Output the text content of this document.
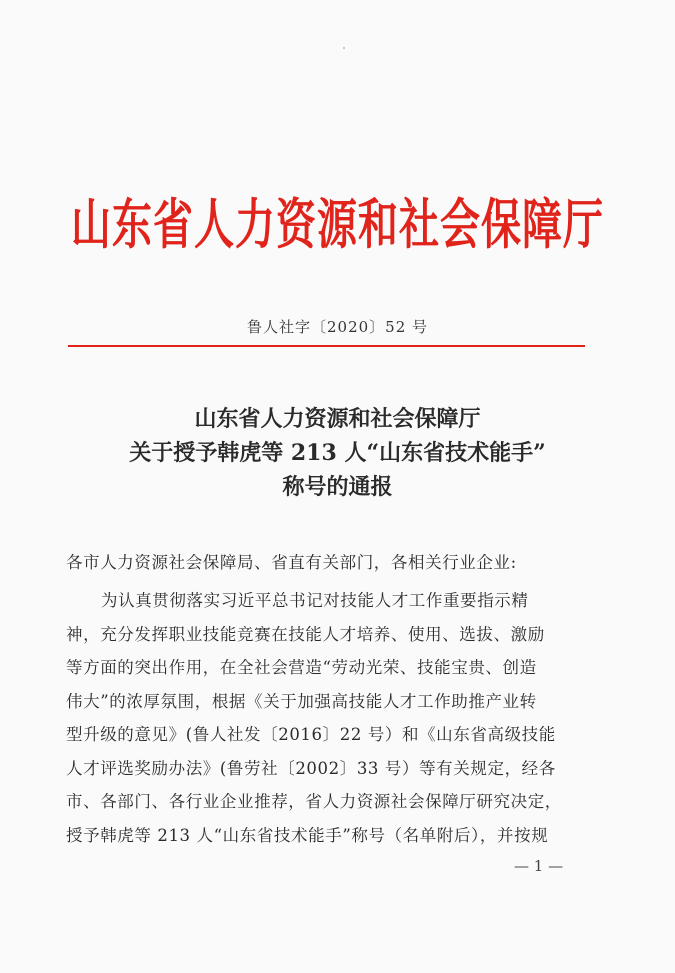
山东省人力资源和社会保障厅
鲁人社字〔2020〕52 号
山东省人力资源和社会保障厅
关于授予韩虎等 213 人“山东省技术能手”
称号的通报
各市人力资源社会保障局、省直有关部门，各相关行业企业:
为认真贯彻落实习近平总书记对技能人才工作重要指示精
神，充分发挥职业技能竞赛在技能人才培养、使用、选拔、激励
等方面的突出作用，在全社会营造“劳动光荣、技能宝贵、创造
伟大”的浓厚氛围，根据《关于加强高技能人才工作助推产业转
型升级的意见》(鲁人社发〔2016〕22 号）和《山东省高级技能
人才评选奖励办法》(鲁劳社〔2002〕33 号）等有关规定，经各
市、各部门、各行业企业推荐，省人力资源社会保障厅研究决定，
授予韩虎等 213 人“山东省技术能手”称号（名单附后），并按规
— 1 —
